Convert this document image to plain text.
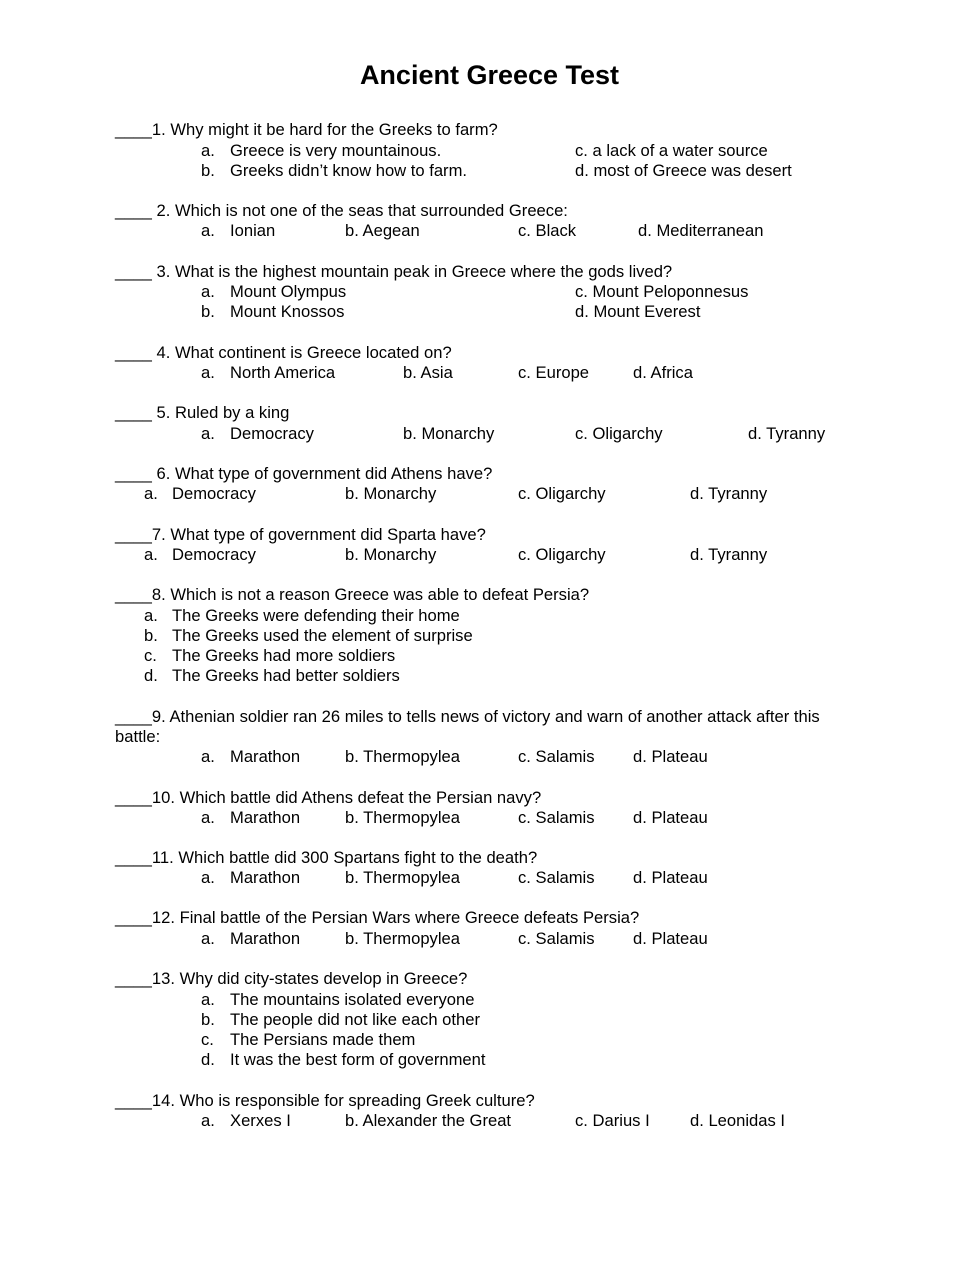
Ancient Greece Test
____1. Why might it be hard for the Greeks to farm?
a. Greece is very mountainous.	c. a lack of a water source
b. Greeks didn’t know how to farm.	d. most of Greece was desert
____ 2. Which is not one of the seas that surrounded Greece:
a. Ionian	b. Aegean	c. Black	d. Mediterranean
____ 3. What is the highest mountain peak in Greece where the gods lived?
a. Mount Olympus	c. Mount Peloponnesus
b. Mount Knossos	d. Mount Everest
____ 4. What continent is Greece located on?
a. North America	b. Asia	c. Europe	d. Africa
____ 5. Ruled by a king
a. Democracy	b. Monarchy	c. Oligarchy	d. Tyranny
____ 6. What type of government did Athens have?
a. Democracy	b. Monarchy	c. Oligarchy	d. Tyranny
____7. What type of government did Sparta have?
a. Democracy	b. Monarchy	c. Oligarchy	d. Tyranny
____8. Which is not a reason Greece was able to defeat Persia?
a. The Greeks were defending their home
b. The Greeks used the element of surprise
c. The Greeks had more soldiers
d. The Greeks had better soldiers
____9. Athenian soldier ran 26 miles to tells news of victory and warn of another attack after this
battle:
a. Marathon	b. Thermopylea	c. Salamis d. Plateau
____10. Which battle did Athens defeat the Persian navy?
a. Marathon	b. Thermopylea	c. Salamis d. Plateau
____11. Which battle did 300 Spartans fight to the death?
a. Marathon	b. Thermopylea	c. Salamis d. Plateau
____12. Final battle of the Persian Wars where Greece defeats Persia?
a. Marathon	b. Thermopylea	c. Salamis d. Plateau
____13. Why did city-states develop in Greece?
a. The mountains isolated everyone
b. The people did not like each other
c. The Persians made them
d. It was the best form of government
____14. Who is responsible for spreading Greek culture?
a. Xerxes I	b. Alexander the Great	c. Darius I d. Leonidas I
